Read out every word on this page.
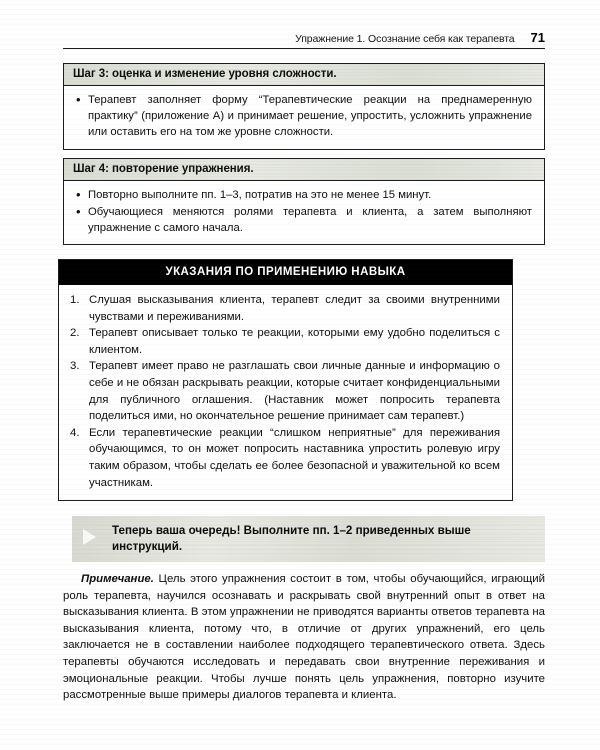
Упражнение 1. Осознание себя как терапевта 71
Шаг 3: оценка и изменение уровня сложности.
• Терапевт заполняет форму “Терапевтические реакции на преднамеренную практику” (приложение А) и принимает решение, упростить, усложнить упражнение или оставить его на том же уровне сложности.
Шаг 4: повторение упражнения.
• Повторно выполните пп. 1–3, потратив на это не менее 15 минут.
• Обучающиеся меняются ролями терапевта и клиента, а затем выполняют упражнение с самого начала.
УКАЗАНИЯ ПО ПРИМЕНЕНИЮ НАВЫКА
1. Слушая высказывания клиента, терапевт следит за своими внутренними чувствами и переживаниями.
2. Терапевт описывает только те реакции, которыми ему удобно поделиться с клиентом.
3. Терапевт имеет право не разглашать свои личные данные и информацию о себе и не обязан раскрывать реакции, которые считает конфиденциальными для публичного оглашения. (Наставник может попросить терапевта поделиться ими, но окончательное решение принимает сам терапевт.)
4. Если терапевтические реакции “слишком неприятные” для переживания обучающимся, то он может попросить наставника упростить ролевую игру таким образом, чтобы сделать ее более безопасной и уважительной ко всем участникам.
Теперь ваша очередь! Выполните пп. 1–2 приведенных выше инструкций.
Примечание. Цель этого упражнения состоит в том, чтобы обучающийся, играющий роль терапевта, научился осознавать и раскрывать свой внутренний опыт в ответ на высказывания клиента. В этом упражнении не приводятся варианты ответов терапевта на высказывания клиента, потому что, в отличие от других упражнений, его цель заключается не в составлении наиболее подходящего терапевтического ответа. Здесь терапевты обучаются исследовать и передавать свои внутренние переживания и эмоциональные реакции. Чтобы лучше понять цель упражнения, повторно изучите рассмотренные выше примеры диалогов терапевта и клиента.
